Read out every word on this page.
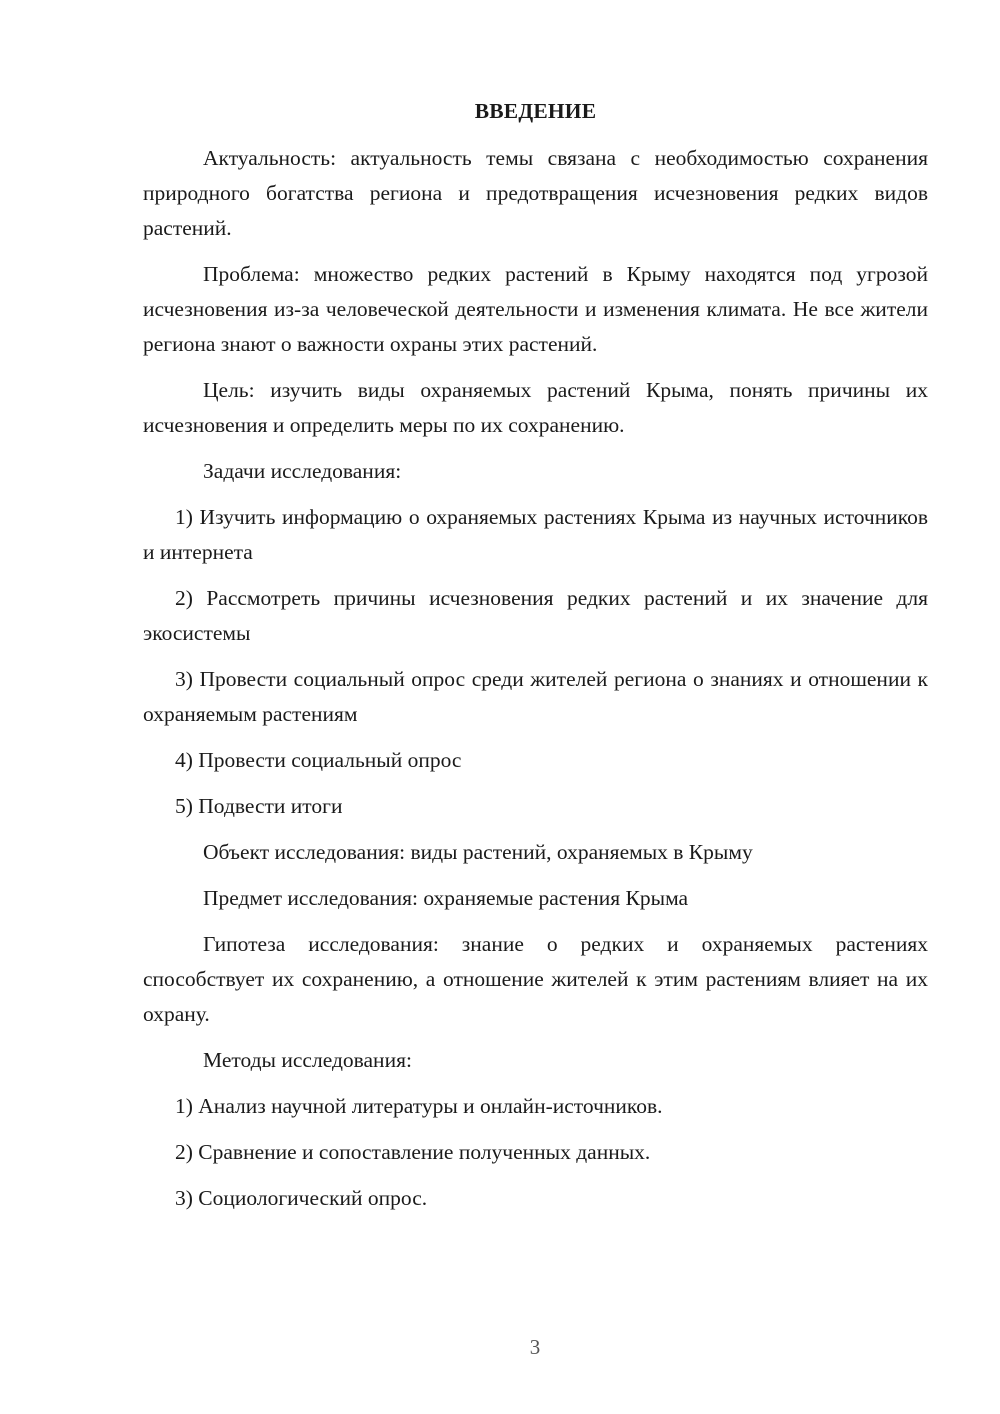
ВВЕДЕНИЕ

Актуальность: актуальность темы связана с необходимостью сохранения природного богатства региона и предотвращения исчезновения редких видов растений.

Проблема: множество редких растений в Крыму находятся под угрозой исчезновения из-за человеческой деятельности и изменения климата. Не все жители региона знают о важности охраны этих растений.

Цель: изучить виды охраняемых растений Крыма, понять причины их исчезновения и определить меры по их сохранению.

Задачи исследования:

1) Изучить информацию о охраняемых растениях Крыма из научных источников и интернета

2) Рассмотреть причины исчезновения редких растений и их значение для экосистемы

3) Провести социальный опрос среди жителей региона о знаниях и отношении к охраняемым растениям

4) Провести социальный опрос

5) Подвести итоги

Объект исследования: виды растений, охраняемых в Крыму

Предмет исследования: охраняемые растения Крыма

Гипотеза исследования: знание о редких и охраняемых растениях способствует их сохранению, а отношение жителей к этим растениям влияет на их охрану.

Методы исследования:

1) Анализ научной литературы и онлайн-источников.

2) Сравнение и сопоставление полученных данных.

3) Социологический опрос.

3
